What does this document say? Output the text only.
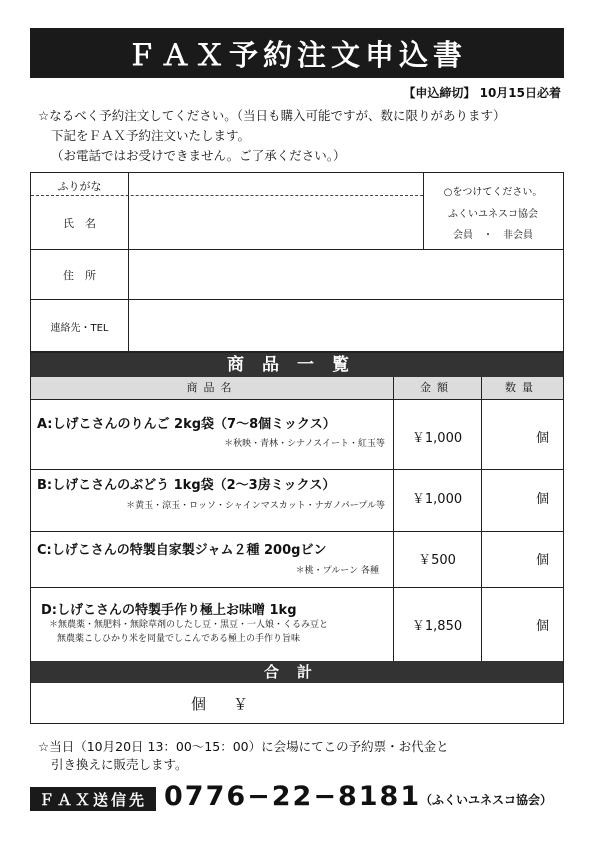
ＦＡＸ予約注文申込書
【申込締切】 10月15日必着
☆なるべく予約注文してください。（当日も購入可能ですが、数に限りがあります）
下記をＦＡＸ予約注文いたします。
（お電話ではお受けできません。ご了承ください。）
ふりがな
氏　名
住　所
連絡先・TEL
○をつけてください。
ふくいユネスコ協会
会員　・　非会員
商品一覧
商品名	金額	数量
A:しげこさんのりんご 2kg袋（7～8個ミックス）
＊秋映・青林・シナノスイート・紅玉等	￥1,000	個
B:しげこさんのぶどう 1kg袋（2～3房ミックス）
＊黄玉・涼玉・ロッソ・シャインマスカット・ナガノパープル等	￥1,000	個
C:しげこさんの特製自家製ジャム２種 200gビン
＊桃・プルーン 各種
￥500	個
D:しげこさんの特製手作り極上お味噌 1kg
＊無農薬・無肥料・無除草剤のしたし豆・黒豆・一人娘・くるみ豆と
無農薬こしひかり米を同量でしこんである極上の手作り旨味
￥1,850	個
合計
個 ￥
☆当日（10月20日 13：00～15：00）に会場にてこの予約票・お代金と
引き換えに販売します。
ＦＡＸ送信先 0776−22−8181
（ふくいユネスコ協会）
